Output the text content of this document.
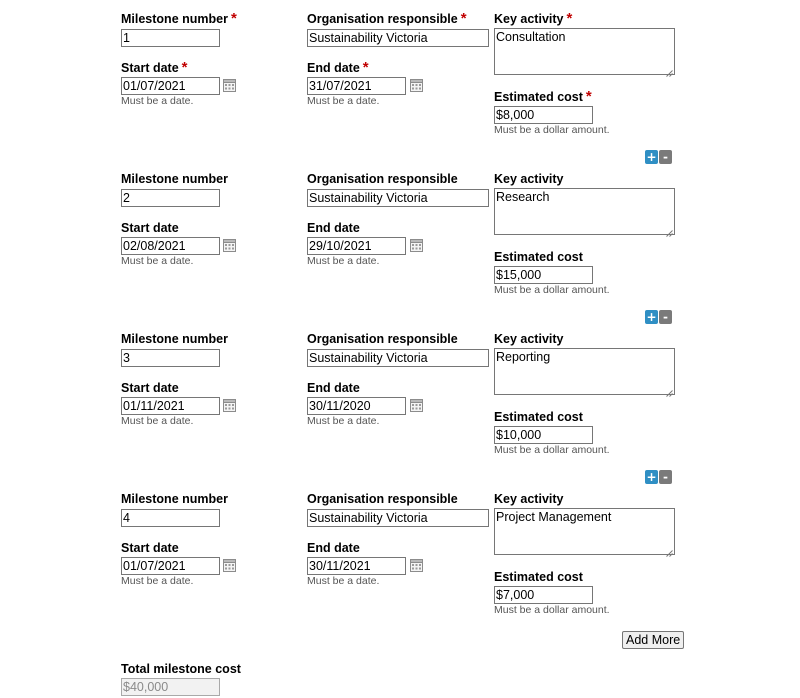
Milestone number *
1
Organisation responsible *
Sustainability Victoria
Key activity *
Consultation
Start date *
01/07/2021
Must be a date.
End date *
31/07/2021
Must be a date.	Estimated cost *
$8,000
Must be a dollar amount.
+ -
Milestone number
2
Organisation responsible
Sustainability Victoria
Key activity
Research
Start date
02/08/2021
Must be a date.
End date
29/10/2021
Must be a date.	Estimated cost
$15,000
Must be a dollar amount.
+ -
Milestone number
3
Organisation responsible
Sustainability Victoria
Key activity
Reporting
Start date
01/11/2021
Must be a date.
End date
30/11/2020
Must be a date.	Estimated cost
$10,000
Must be a dollar amount.
+ -
Milestone number
4
Organisation responsible
Sustainability Victoria
Key activity
Project Management
Start date
01/07/2021
Must be a date.
End date
30/11/2021
Must be a date.	Estimated cost
$7,000
Must be a dollar amount.
Add More
Total milestone cost
$40,000
